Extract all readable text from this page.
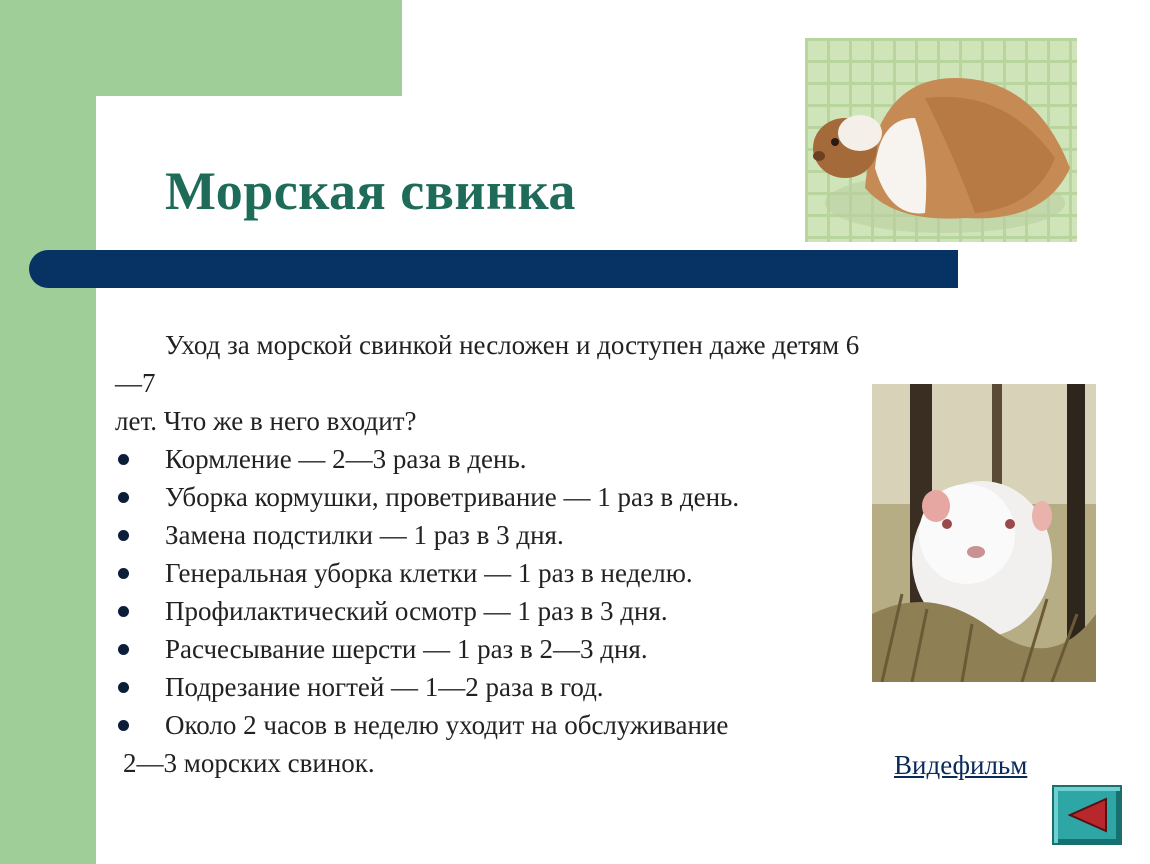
Морская свинка

Уход за морской свинкой несложен и доступен даже детям 6—7
лет. Что же в него входит?

Кормление — 2—3 раза в день.
Уборка кормушки, проветривание — 1 раз в день.
Замена подстилки — 1 раз в 3 дня.
Генеральная уборка клетки — 1 раз в неделю.
Профилактический осмотр — 1 раз в 3 дня.
Расчесывание шерсти — 1 раз в 2—3 дня.
Подрезание ногтей — 1—2 раза в год.
Около 2 часов в неделю уходит на обслуживание
2—3 морских свинок.	Видефильм
